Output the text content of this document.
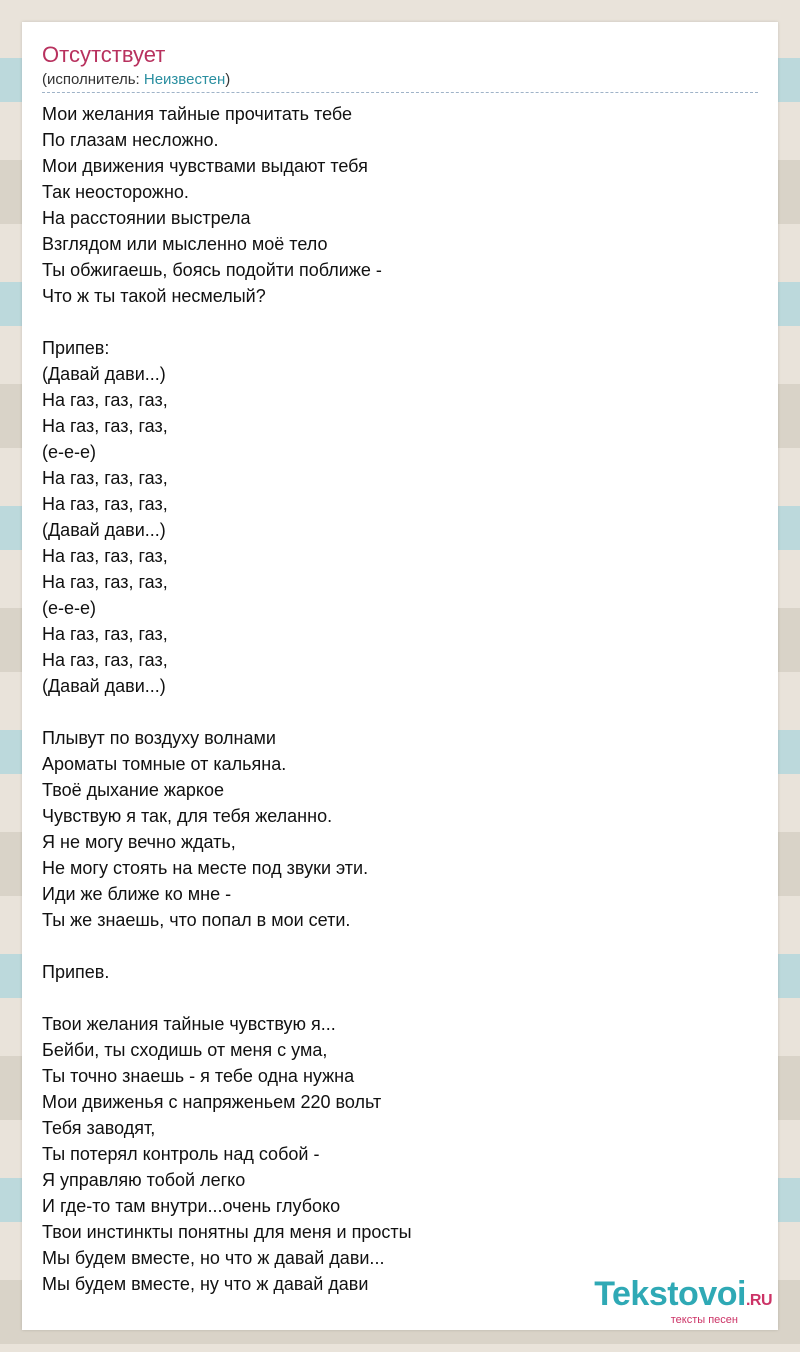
Отсутствует
(исполнитель: Неизвестен)
Мои желания тайные прочитать тебе
По глазам несложно.
Мои движения чувствами выдают тебя
Так неосторожно.
На расстоянии выстрела
Взглядом или мысленно моё тело
Ты обжигаешь, боясь подойти поближе -
Что ж ты такой несмелый?
Припев:
(Давай дави...)
На газ, газ, газ,
На газ, газ, газ,
(е-е-е)
На газ, газ, газ,
На газ, газ, газ,
(Давай дави...)
На газ, газ, газ,
На газ, газ, газ,
(е-е-е)
На газ, газ, газ,
На газ, газ, газ,
(Давай дави...)
Плывут по воздуху волнами
Ароматы томные от кальяна.
Твоё дыхание жаркое
Чувствую я так, для тебя желанно.
Я не могу вечно ждать,
Не могу стоять на месте под звуки эти.
Иди же ближе ко мне -
Ты же знаешь, что попал в мои сети.
Припев.
Твои желания тайные чувствую я...
Бейби, ты сходишь от меня с ума,
Ты точно знаешь - я тебе одна нужна
Мои движенья с напряженьем 220 вольт
Тебя заводят,
Ты потерял контроль над собой -
Я управляю тобой легко
И где-то там внутри...очень глубоко
Твои инстинкты понятны для меня и просты
Мы будем вместе, но что ж давай дави...
Мы будем вместе, ну что ж давай дави	Tekstovoi.RU
тексты песен
